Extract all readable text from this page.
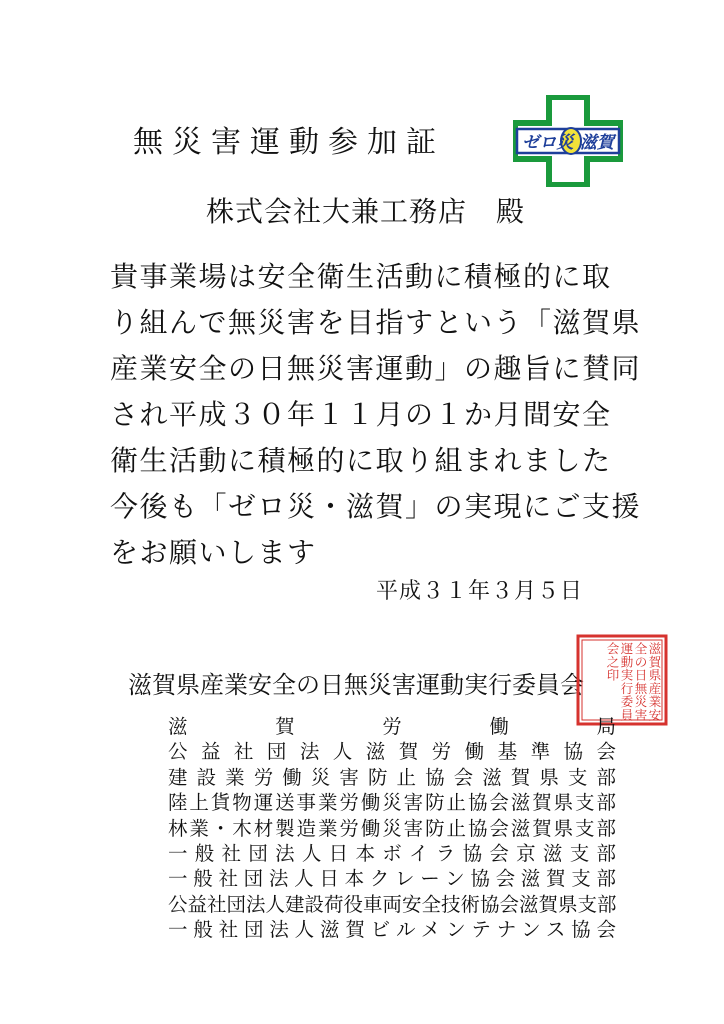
無災害運動参加証	ゼロ災 滋賀
株式会社大兼工務店　殿
貴事業場は安全衛生活動に積極的に取
り組んで無災害を目指すという「滋賀県
産業安全の日無災害運動」の趣旨に賛同
され平成３０年１１月の１か月間安全
衛生活動に積極的に取り組まれました
今後も「ゼロ災・滋賀」の実現にご支援
をお願いします
平成３１年３月５日
滋賀県産業安全の日無災害運動実行委員会
滋
賀
県
産
業
安
全
の
日
無
災
害
運
動
実
行
委
員
会
之
印
滋賀労働局
公益社団法人滋賀労働基準協会
建設業労働災害防止協会滋賀県支部
陸上貨物運送事業労働災害防止協会滋賀県支部
林業・木材製造業労働災害防止協会滋賀県支部
一般社団法人日本ボイラ協会京滋支部
一般社団法人日本クレーン協会滋賀支部
公益社団法人建設荷役車両安全技術協会滋賀県支部
一般社団法人滋賀ビルメンテナンス協会
